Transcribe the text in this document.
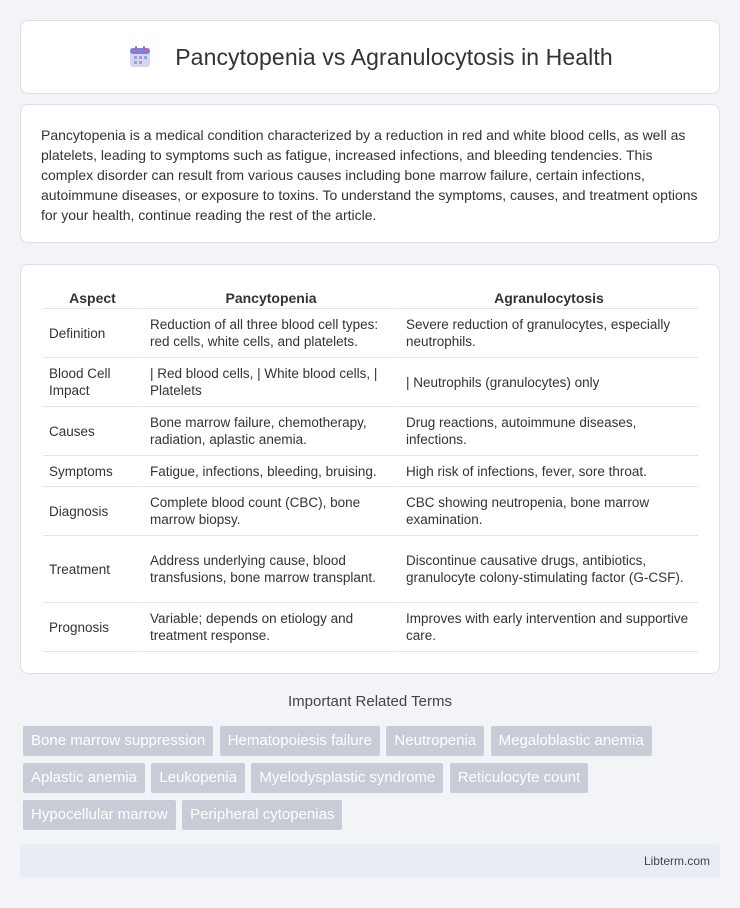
Pancytopenia vs Agranulocytosis in Health

Pancytopenia is a medical condition characterized by a reduction in red and white blood cells, as well as platelets, leading to symptoms such as fatigue, increased infections, and bleeding tendencies. This complex disorder can result from various causes including bone marrow failure, certain infections, autoimmune diseases, or exposure to toxins. To understand the symptoms, causes, and treatment options for your health, continue reading the rest of the article.

Aspect	Pancytopenia	Agranulocytosis
Definition	Reduction of all three blood cell types: red cells, white cells, and platelets.	Severe reduction of granulocytes, especially neutrophils.
Blood Cell Impact	| Red blood cells, | White blood cells, | Platelets	| Neutrophils (granulocytes) only
Causes	Bone marrow failure, chemotherapy, radiation, aplastic anemia.	Drug reactions, autoimmune diseases, infections.
Symptoms	Fatigue, infections, bleeding, bruising.	High risk of infections, fever, sore throat.
Diagnosis	Complete blood count (CBC), bone marrow biopsy.	CBC showing neutropenia, bone marrow examination.
Treatment	Address underlying cause, blood transfusions, bone marrow transplant.	Discontinue causative drugs, antibiotics, granulocyte colony-stimulating factor (G-CSF).
Prognosis	Variable; depends on etiology and treatment response.	Improves with early intervention and supportive care.
Important Related Terms
Bone marrow suppression Hematopoiesis failure Neutropenia Megaloblastic anemia
Aplastic anemia Leukopenia Myelodysplastic syndrome Reticulocyte count
Hypocellular marrow Peripheral cytopenias
Libterm.com
